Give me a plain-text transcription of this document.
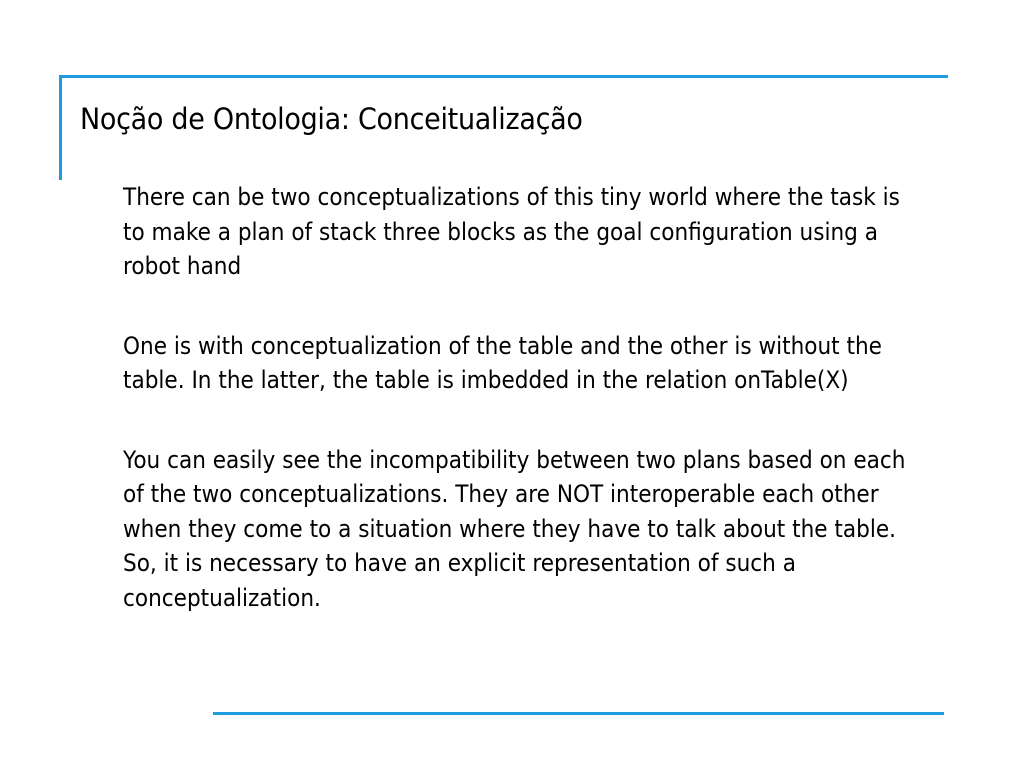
Noção de Ontologia: Conceitualização

There can be two conceptualizations of this tiny world where the task is to make a plan of stack three blocks as the goal configuration using a robot hand

One is with conceptualization of the table and the other is without the table. In the latter, the table is imbedded in the relation onTable(X)

You can easily see the incompatibility between two plans based on each of the two conceptualizations. They are NOT interoperable each other when they come to a situation where they have to talk about the table. So, it is necessary to have an explicit representation of such a conceptualization.
